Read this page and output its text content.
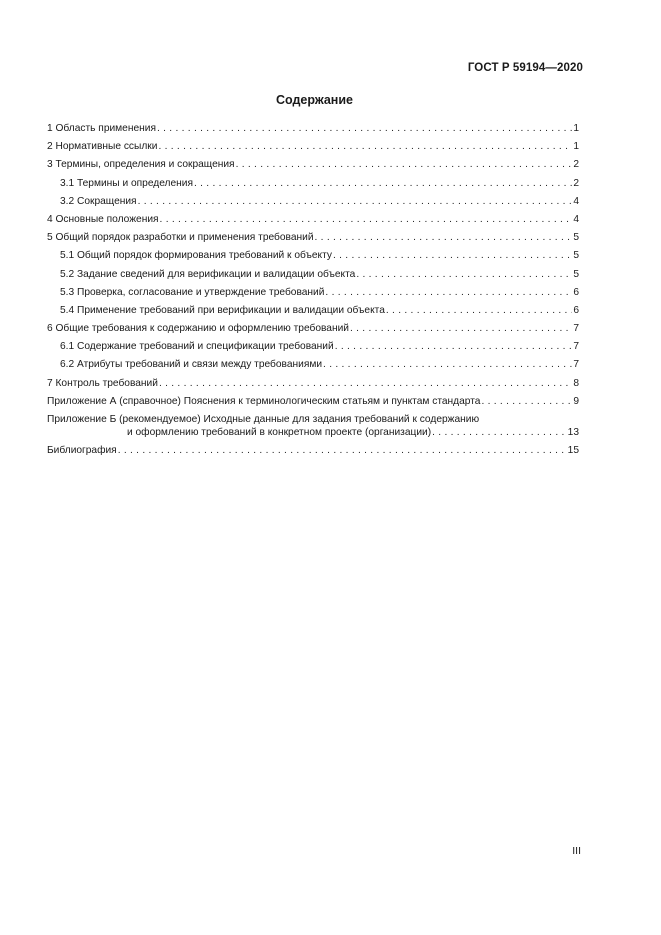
ГОСТ Р 59194—2020
Содержание
1 Область применения . . .	1
2 Нормативные ссылки . . .	1
3 Термины, определения и сокращения . . .	2
3.1 Термины и определения . . .	2
3.2 Сокращения . . .	4
4 Основные положения . . .	4
5 Общий порядок разработки и применения требований . . .	5
5.1 Общий порядок формирования требований к объекту . . .	5
5.2 Задание сведений для верификации и валидации объекта . . .	5
5.3 Проверка, согласование и утверждение требований . . .	6
5.4 Применение требований при верификации и валидации объекта . . .	6
6 Общие требования к содержанию и оформлению требований . . .	7
6.1 Содержание требований и спецификации требований . . .	7
6.2 Атрибуты требований и связи между требованиями . . .	7
7 Контроль требований . . .	8
Приложение А (справочное) Пояснения к терминологическим статьям и пунктам стандарта . . .	9
Приложение Б (рекомендуемое) Исходные данные для задания требований к содержанию
и оформлению требований в конкретном проекте (организации) . . .	13
Библиография . . .	15
III
